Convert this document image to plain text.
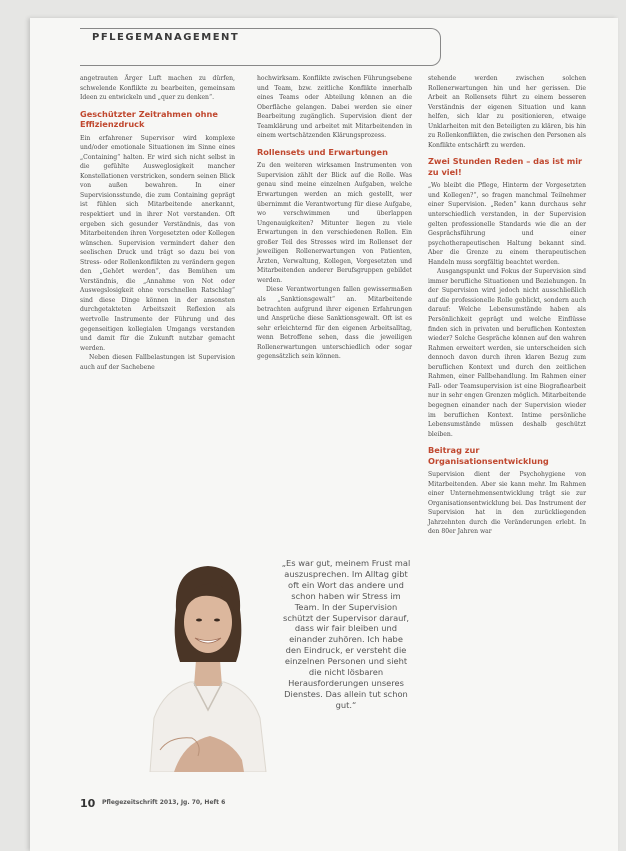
PFLEGEMANAGEMENT

angetrauten Ärger Luft machen zu dürfen, schwelende Konflikte zu bearbeiten, gemeinsam Ideen zu entwickeln und „quer zu denken“.

Geschützter Zeitrahmen ohne Effizienzdruck

Ein erfahrener Supervisor wird komplexe und/oder emotionale Situationen im Sinne eines „Containing“ halten. Er wird sich nicht selbst in die gefühlte Ausweglosigkeit mancher Konstellationen verstricken, sondern seinen Blick von außen bewahren. In einer Supervisionsstunde, die zum Containing geprägt ist fühlen sich Mitarbeitende anerkannt, respektiert und in ihrer Not verstanden. Oft ergeben sich gesunder Verständnis, das von Mitarbeitenden ihren Vorgesetzten oder Kollegen wünschen. Supervision vermindert daher den seelischen Druck und trägt so dazu bei von Stress- oder Rollenkonflikten zu verändern gegen den „Gehört werden“, das Bemühen um Verständnis, die „Annahme von Not oder Auswegslosigkeit ohne vorschnellen Ratschlag“ sind diese Dinge können in der ansonsten durchgetakteten Arbeitszeit Reflexion als wertvolle Instrumente der Führung und des gegenseitigen kollegialen Umgangs verstanden und damit für die Zukunft nutzbar gemacht werden.

Neben diesen Fallbelastungen ist Supervision auch auf der Sachebene

hochwirksam. Konflikte zwischen Führungsebene und Team, bzw. zeitliche Konflikte innerhalb eines Teams oder Abteilung können an die Oberfläche gelangen. Dabei werden sie einer Bearbeitung zugänglich. Supervision dient der Teamklärung und arbeitet mit Mitarbeitenden in einem wertschätzenden Klärungsprozess.

Rollensets und Erwartungen

Zu den weiteren wirksamen Instrumenten von Supervision zählt der Blick auf die Rolle. Was genau sind meine einzelnen Aufgaben, welche Erwartungen werden an mich gestellt, wer übernimmt die Verantwortung für diese Aufgabe, wo verschwimmen und überlappen Ungenauigkeiten? Mitunter liegen zu viele Erwartungen in den verschiedenen Rollen. Ein großer Teil des Stresses wird im Rollenset der jeweiligen Rollenerwartungen von Patienten, Ärzten, Verwaltung, Kollegen, Vorgesetzten und Mitarbeitenden anderer Berufsgruppen gebildet werden.

Diese Verantwortungen fallen gewissermaßen als „Sanktionsgewalt“ an. Mitarbeitende betrachten aufgrund ihrer eigenen Erfahrungen und Ansprüche diese Sanktionsgewalt. Oft ist es sehr erleichternd für den eigenen Arbeitsalltag, wenn Betroffene sehen, dass die jeweiligen Rollenerwartungen unterschiedlich oder sogar gegensätzlich sein können.

stehende werden zwischen solchen Rollenerwartungen hin und her gerissen. Die Arbeit an Rollensets führt zu einem besseren Verständnis der eigenen Situation und kann helfen, sich klar zu positionieren, etwaige Unklarheiten mit den Beteiligten zu klären, bis hin zu Rollenkonflikten, die zwischen den Personen als Konflikte entschärft zu werden.

Zwei Stunden Reden – das ist mir zu viel!

„Wo bleibt die Pflege, Hinterm der Vorgesetzten und Kollegen?“, so fragen manchmal Teilnehmer einer Supervision. „Reden“ kann durchaus sehr unterschiedlich verstanden, in der Supervision gelten professionelle Standards wie die an der Gesprächsführung und einer psychotherapeutischen Haltung bekannt sind. Aber die Grenze zu einem therapeutischen Handeln muss sorgfältig beachtet werden.

Ausgangspunkt und Fokus der Supervision sind immer berufliche Situationen und Beziehungen. In der Supervision wird jedoch nicht ausschließlich auf die professionelle Rolle geblickt, sondern auch darauf: Welche Lebensumstände haben als Persönlichkeit geprägt und welche Einflüsse finden sich in privaten und beruflichen Kontexten wieder? Solche Gespräche können auf den wahren Rahmen erweitert werden, sie unterscheiden sich dennoch davon durch ihren klaren Bezug zum beruflichen Kontext und durch den zeitlichen Rahmen, einer Fallbehandlung. Im Rahmen einer Fall- oder Teamsupervision ist eine Biografiearbeit nur in sehr engen Grenzen möglich. Mitarbeitende begegnen einander nach der Supervision wieder im beruflichen Kontext. Intime persönliche Lebensumstände müssen deshalb geschützt bleiben.

Beitrag zur Organisationsentwicklung

Supervision dient der Psychohygiene von Mitarbeitenden. Aber sie kann mehr. Im Rahmen einer Unternehmensentwicklung trägt sie zur Organisationsentwicklung bei. Das Instrument der Supervision hat in den zurückliegenden Jahrzehnten durch die Veränderungen erlebt. In den 80er Jahren war

„Es war gut, meinem Frust mal auszusprechen. Im Alltag gibt oft ein Wort das andere und schon haben wir Stress im Team. In der Supervision schützt der Supervisor darauf, dass wir fair bleiben und einander zuhören. Ich habe den Eindruck, er versteht die einzelnen Personen und sieht die nicht lösbaren Herausforderungen unseres Dienstes. Das allein tut schon gut.“
10 Pflegezeitschrift 2013, Jg. 70, Heft 6
